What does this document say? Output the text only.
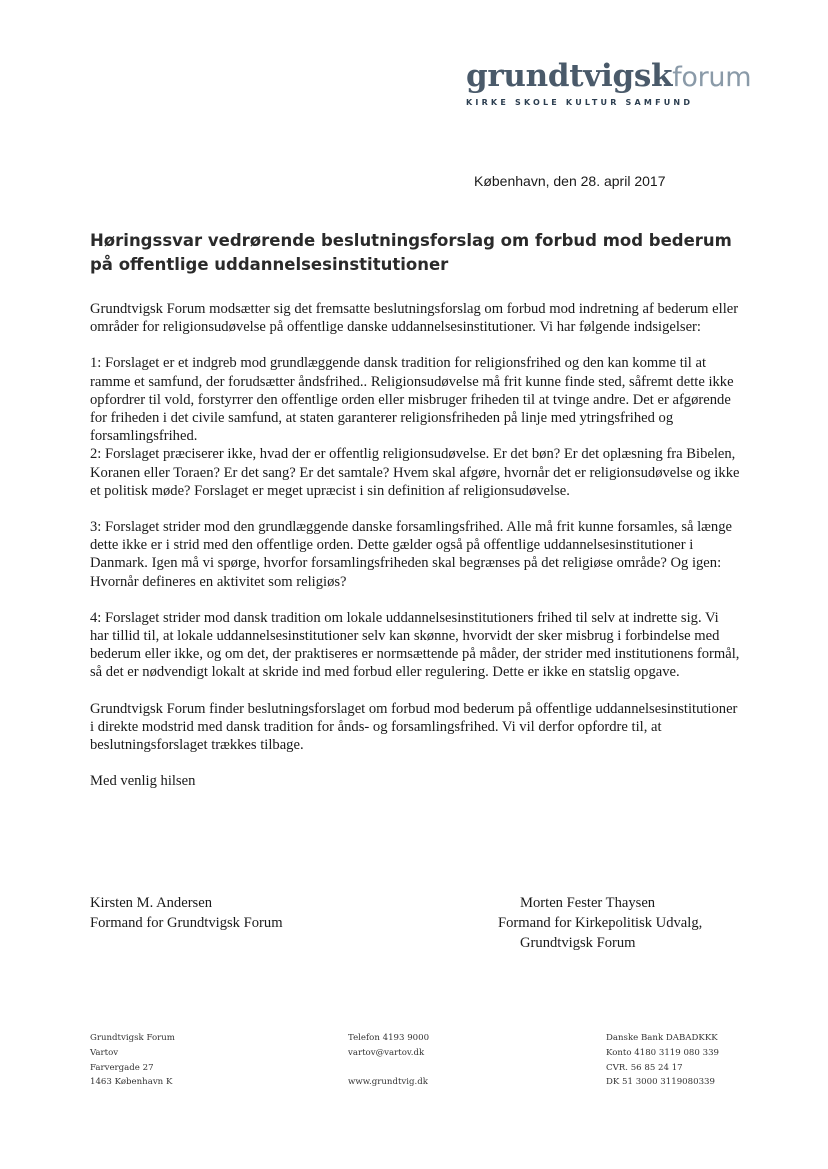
grundtvigskforum
KIRKE SKOLE KULTUR SAMFUND
København, den 28. april 2017
Høringssvar vedrørende beslutningsforslag om forbud mod bederum på offentlige uddannelsesinstitutioner

Grundtvigsk Forum modsætter sig det fremsatte beslutningsforslag om forbud mod indretning af bederum eller områder for religionsudøvelse på offentlige danske uddannelsesinstitutioner. Vi har følgende indsigelser:

1: Forslaget er et indgreb mod grundlæggende dansk tradition for religionsfrihed og den kan komme til at ramme et samfund, der forudsætter åndsfrihed.. Religionsudøvelse må frit kunne finde sted, såfremt dette ikke opfordrer til vold, forstyrrer den offentlige orden eller misbruger friheden til at tvinge andre. Det er afgørende for friheden i det civile samfund, at staten garanterer religionsfriheden på linje med ytringsfrihed og forsamlingsfrihed.

2: Forslaget præciserer ikke, hvad der er offentlig religionsudøvelse. Er det bøn? Er det oplæsning fra Bibelen, Koranen eller Toraen? Er det sang? Er det samtale? Hvem skal afgøre, hvornår det er religionsudøvelse og ikke et politisk møde? Forslaget er meget upræcist i sin definition af religionsudøvelse.

3: Forslaget strider mod den grundlæggende danske forsamlingsfrihed. Alle må frit kunne forsamles, så længe dette ikke er i strid med den offentlige orden. Dette gælder også på offentlige uddannelsesinstitutioner i Danmark. Igen må vi spørge, hvorfor forsamlingsfriheden skal begrænses på det religiøse område? Og igen: Hvornår defineres en aktivitet som religiøs?

4: Forslaget strider mod dansk tradition om lokale uddannelsesinstitutioners frihed til selv at indrette sig. Vi har tillid til, at lokale uddannelsesinstitutioner selv kan skønne, hvorvidt der sker misbrug i forbindelse med bederum eller ikke, og om det, der praktiseres er normsættende på måder, der strider med institutionens formål, så det er nødvendigt lokalt at skride ind med forbud eller regulering. Dette er ikke en statslig opgave.

Grundtvigsk Forum finder beslutningsforslaget om forbud mod bederum på offentlige uddannelsesinstitutioner i direkte modstrid med dansk tradition for ånds- og forsamlingsfrihed. Vi vil derfor opfordre til, at beslutningsforslaget trækkes tilbage.

Med venlig hilsen

Kirsten M. Andersen
Formand for Grundtvigsk Forum
Morten Fester Thaysen
Formand for Kirkepolitisk Udvalg,
Grundtvigsk Forum
Grundtvigsk Forum
Vartov
Farvergade 27
1463 København K
Telefon 4193 9000
vartov@vartov.dk
www.grundtvig.dk
Danske Bank DABADKKK
Konto 4180 3119 080 339
CVR. 56 85 24 17
DK 51 3000 3119080339
